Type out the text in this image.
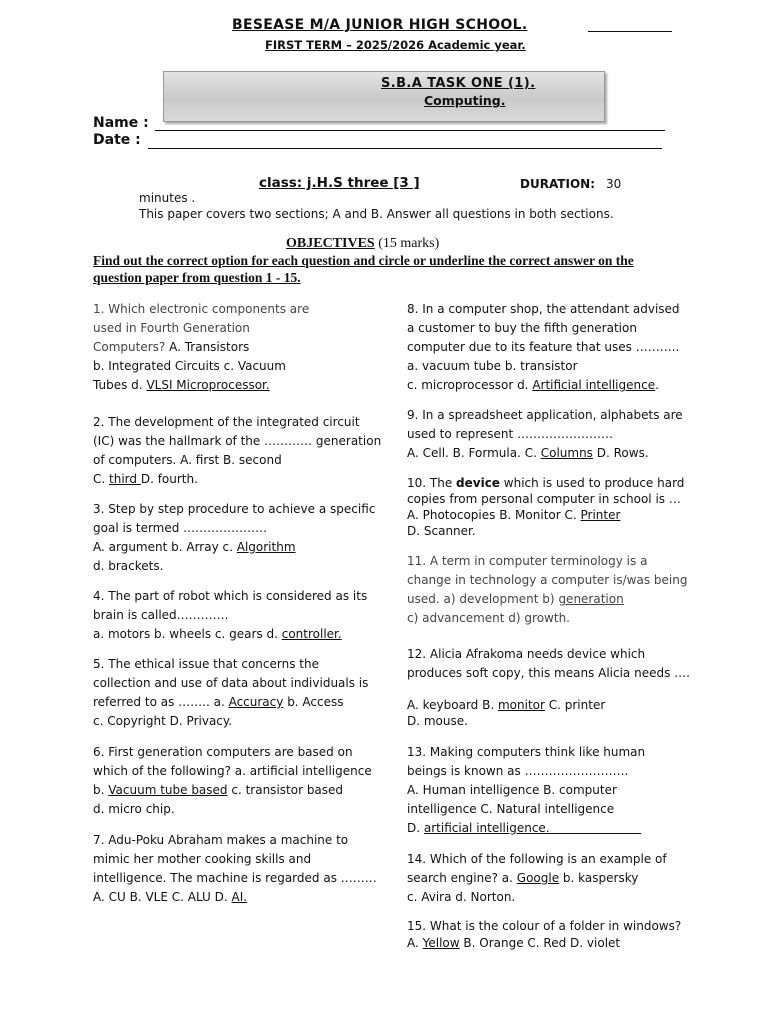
BESEASE M/A JUNIOR HIGH SCHOOL.
FIRST TERM – 2025/2026 Academic year.
S.B.A TASK ONE (1).
Computing.
Name :
Date :
class: j.H.S three [3 ]	DURATION: 30
minutes .
This paper covers two sections; A and B. Answer all questions in both sections.
OBJECTIVES (15 marks)
Find out the correct option for each question and circle or underline the correct answer on the question paper from question 1 - 15.
1. Which electronic components are
used in Fourth Generation
Computers? A. Transistors
b. Integrated Circuits c. Vacuum
Tubes d. VLSI Microprocessor.
2. The development of the integrated circuit
(IC) was the hallmark of the ………… generation
of computers. A. first B. second
C. third D. fourth.
3. Step by step procedure to achieve a specific
goal is termed …………………
A. argument b. Array c. Algorithm
d. brackets.
4. The part of robot which is considered as its
brain is called………….
a. motors b. wheels c. gears d. controller.
5. The ethical issue that concerns the
collection and use of data about individuals is
referred to as …….. a. Accuracy b. Access
c. Copyright D. Privacy.
6. First generation computers are based on
which of the following? a. artificial intelligence
b. Vacuum tube based c. transistor based
d. micro chip.
7. Adu-Poku Abraham makes a machine to
mimic her mother cooking skills and
intelligence. The machine is regarded as ………
A. CU B. VLE C. ALU D. AI.
8. In a computer shop, the attendant advised
a customer to buy the fifth generation
computer due to its feature that uses ………..
a. vacuum tube b. transistor
c. microprocessor d. Artificial intelligence.
9. In a spreadsheet application, alphabets are
used to represent ……………………
A. Cell. B. Formula. C. Columns D. Rows.
10. The device which is used to produce hard
copies from personal computer in school is …
A. Photocopies B. Monitor C. Printer
D. Scanner.
11. A term in computer terminology is a
change in technology a computer is/was being
used. a) development b) generation
c) advancement d) growth.
12. Alicia Afrakoma needs device which
produces soft copy, this means Alicia needs ….
A. keyboard B. monitor C. printer
D. mouse.
13. Making computers think like human
beings is known as ……………………..
A. Human intelligence B. computer
intelligence C. Natural intelligence
D. artificial intelligence.
14. Which of the following is an example of
search engine? a. Google b. kaspersky
c. Avira d. Norton.
15. What is the colour of a folder in windows?
A. Yellow B. Orange C. Red D. violet
